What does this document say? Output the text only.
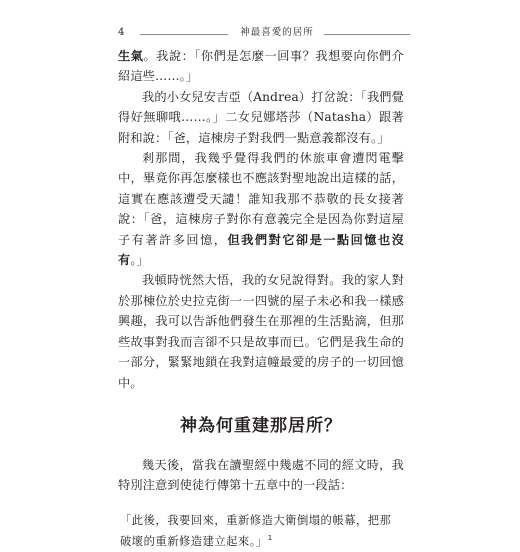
4	神最喜愛的居所

生氣。我說：「你們是怎麼一回事？我想要向你們介紹這些……。」

我的小女兒安吉亞（Andrea）打岔說：「我們覺得好無聊哦……。」二女兒娜塔莎（Natasha）跟著附和說：「爸，這棟房子對我們一點意義都沒有。」

剎那間，我幾乎覺得我們的休旅車會遭閃電擊中，畢竟你再怎麼樣也不應該對聖地說出這樣的話，這實在應該遭受天譴！誰知我那不恭敬的長女接著說：「爸，這棟房子對你有意義完全是因為你對這屋子有著許多回憶，但我們對它卻是一點回憶也沒有。」

我頓時恍然大悟，我的女兒說得對。我的家人對於那棟位於史拉克街一一四號的屋子未必和我一樣感興趣，我可以告訴他們發生在那裡的生活點滴，但那些故事對我而言卻不只是故事而已。它們是我生命的一部分，緊緊地鎖在我對這幢最愛的房子的一切回憶中。

神為何重建那居所？

幾天後，當我在讀聖經中幾處不同的經文時，我特別注意到使徒行傳第十五章中的一段話：

「此後，我要回來，重新修造大衛倒塌的帳幕，把那
破壞的重新修造建立起來。」$^1$
